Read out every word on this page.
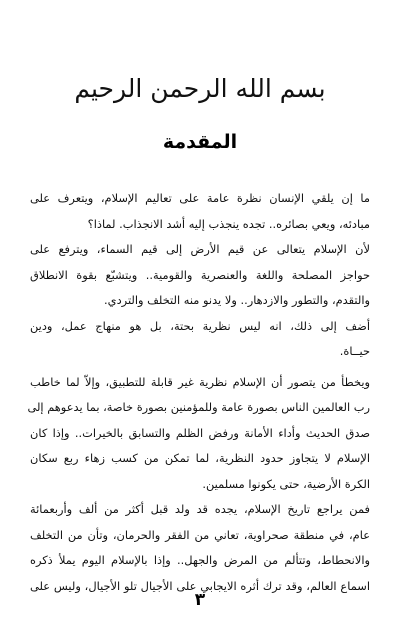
بسم الله الرحمن الرحيم
المقدمة
ما إن يلقي الإنسان نظرة عامة على تعاليم الإسلام، ويتعرف على
مبادئه، ويعي بصائره.. تجده ينجذب إليه أشد الانجذاب. لماذا؟
لأن الإسلام يتعالى عن قيم الأرض إلى قيم السماء، ويترفع على
حواجز المصلحة واللغة والعنصرية والقومية.. ويتشبّع بقوة الانطلاق
والتقدم، والتطور والازدهار.. ولا يدنو منه التخلف والتردي.
أضف إلى ذلك، انه ليس نظرية بحتة، بل هو منهاج عمل، ودين
حيــاة.
ويخطأ من يتصور أن الإسلام نظرية غير قابلة للتطبيق، وإلاّ لما خاطب
رب العالمين الناس بصورة عامة وللمؤمنين بصورة خاصة، بما يدعوهم إلى
صدق الحديث وأداء الأمانة ورفض الظلم والتسابق بالخيرات.. وإذا كان
الإسلام لا يتجاوز حدود النظرية، لما تمكن من كسب زهاء ربع سكان
الكرة الأرضية، حتى يكونوا مسلمين.
فمن يراجع تاريخ الإسلام، يجده قد ولد قبل أكثر من ألف وأربعمائة
عام، في منطقة صحراوية، تعاني من الفقر والحرمان، وتأن من التخلف
والانحطاط، وتتألم من المرض والجهل.. وإذا بالإسلام اليوم يملأ ذكره
اسماع العالم، وقد ترك أثره الايجابي على الأجيال تلو الأجيال، وليس على
٣
